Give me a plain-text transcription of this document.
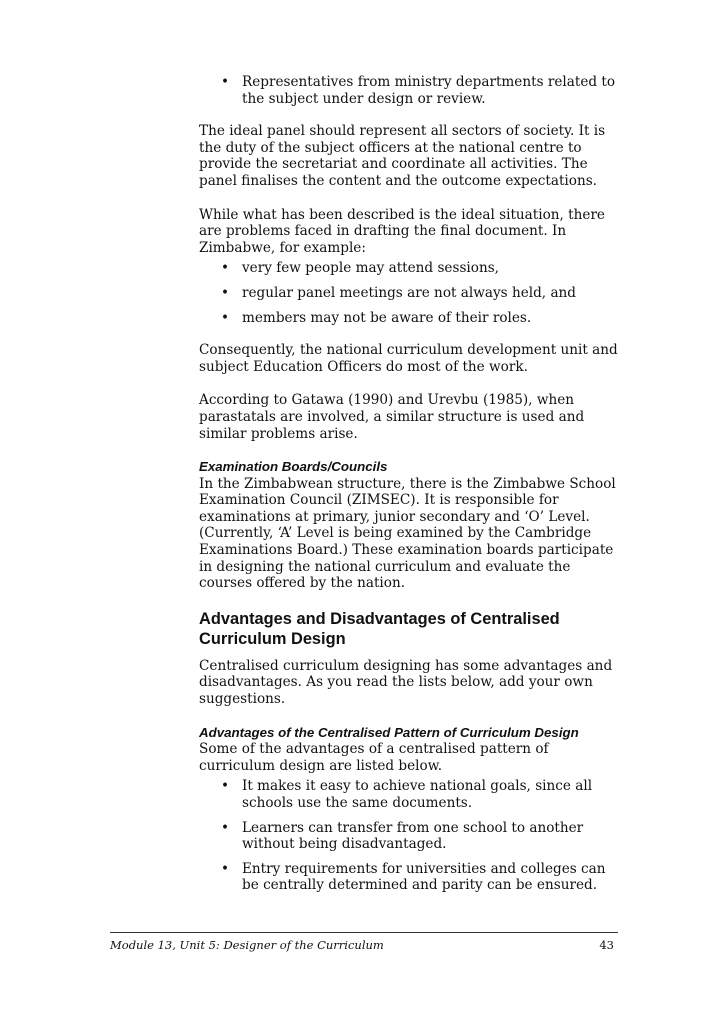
• Representatives from ministry departments related to the subject under design or review.

The ideal panel should represent all sectors of society. It is the duty of the subject officers at the national centre to provide the secretariat and coordinate all activities. The panel finalises the content and the outcome expectations.

While what has been described is the ideal situation, there are problems faced in drafting the final document. In Zimbabwe, for example:

• very few people may attend sessions,
• regular panel meetings are not always held, and
• members may not be aware of their roles.

Consequently, the national curriculum development unit and subject Education Officers do most of the work.

According to Gatawa (1990) and Urevbu (1985), when parastatals are involved, a similar structure is used and similar problems arise.

Examination Boards/Councils
In the Zimbabwean structure, there is the Zimbabwe School Examination Council (ZIMSEC). It is responsible for examinations at primary, junior secondary and ‘O’ Level. (Currently, ‘A’ Level is being examined by the Cambridge Examinations Board.) These examination boards participate in designing the national curriculum and evaluate the courses offered by the nation.
Advantages and Disadvantages of Centralised Curriculum Design

Centralised curriculum designing has some advantages and disadvantages. As you read the lists below, add your own suggestions.

Advantages of the Centralised Pattern of Curriculum Design
Some of the advantages of a centralised pattern of curriculum design are listed below.
• It makes it easy to achieve national goals, since all schools use the same documents.
• Learners can transfer from one school to another without being disadvantaged.
• Entry requirements for universities and colleges can be centrally determined and parity can be ensured.
Module 13, Unit 5: Designer of the Curriculum	43
